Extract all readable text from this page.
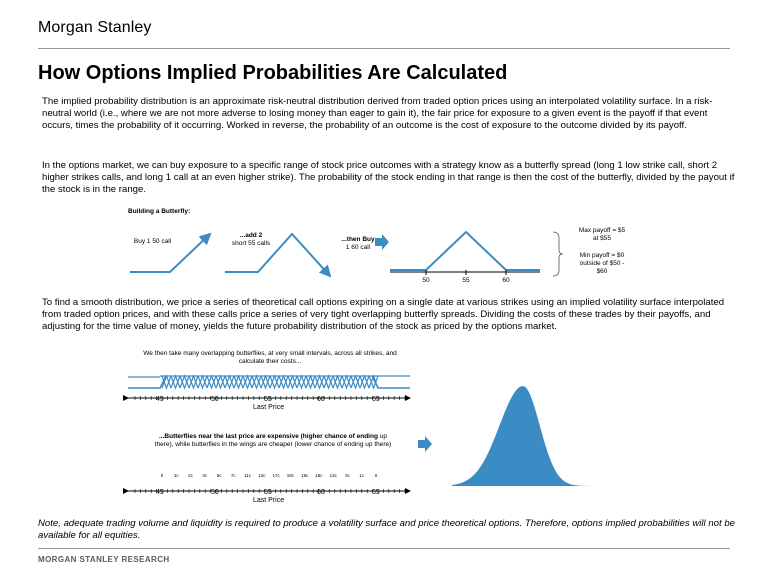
Morgan Stanley
How Options Implied Probabilities Are Calculated
The implied probability distribution is an approximate risk-neutral distribution derived from traded option prices using an interpolated volatility surface. In a risk-neutral world (i.e., where we are not more adverse to losing money than eager to gain it), the fair price for exposure to a given event is the payoff if that event occurs, times the probability of it occurring. Worked in reverse, the probability of an outcome is the cost of exposure to the outcome divided by its payoff.
In the options market, we can buy exposure to a specific range of stock price outcomes with a strategy know as a butterfly spread (long 1 low strike call, short 2 higher strikes calls, and long 1 call at an even higher strike). The probability of the stock ending in that range is then the cost of the butterfly, divided by the payout if the stock is in the range.
Building a Butterfly:
Buy 1 50 call
...add 2
short 55 calls
...then Buy
1 60 call
50	55	60
Max payoff = $5 at $55
Min payoff = $0 outside of $50 - $60
To find a smooth distribution, we price a series of theoretical call options expiring on a single date at various strikes using an implied volatility surface interpolated from traded option prices, and with these calls price a series of very tight overlapping butterfly spreads. Dividing the costs of these trades by their payoffs, and adjusting for the time value of money, yields the future probability distribution of the stock as priced by the options market.
We then take many overlapping butterflies, at very small intervals, across all strikes, and calculate their costs...
45	50	55	60	65
Last Price
...Butterflies near the last price are expensive (higher chance of ending up there), while butterflies in the wings are cheaper (lower chance of ending up there)
0 1c 2c 3c 5c 7c 11c 13c 17c 18c 19c 18c 13c 3c 1c 0
45	50	55	60	65
Last Price
Note, adequate trading volume and liquidity is required to produce a volatility surface and price theoretical options. Therefore, options implied probabilities will not be available for all equities.
MORGAN STANLEY RESEARCH
